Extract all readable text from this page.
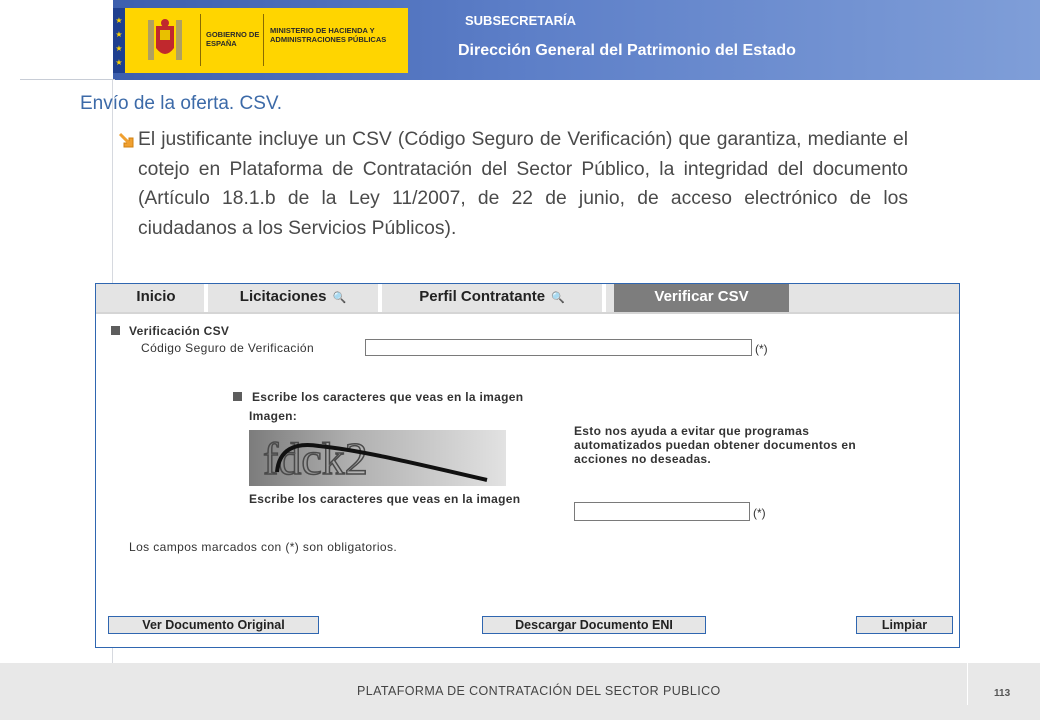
★
★
★
★
GOBIERNO DE ESPAÑA
MINISTERIO DE HACIENDA Y ADMINISTRACIONES PÚBLICAS
SUBSECRETARÍA
Dirección General del Patrimonio del Estado
Envío de la oferta. CSV.
El justificante incluye un CSV (Código Seguro de Verificación) que garantiza, mediante el cotejo en Plataforma de Contratación del Sector Público, la integridad del documento (Artículo 18.1.b de la Ley 11/2007, de 22 de junio, de acceso electrónico de los ciudadanos a los Servicios Públicos).
Inicio	Licitaciones 🔍	Perfil Contratante 🔍	Verificar CSV
Verificación CSV
Código Seguro de Verificación	(*)
Escribe los caracteres que veas en la imagen
Imagen:
fdck2
Escribe los caracteres que veas en la imagen
Esto nos ayuda a evitar que programas automatizados puedan obtener documentos en acciones no deseadas.
(*)
Los campos marcados con (*) son obligatorios.
Ver Documento Original	Descargar Documento ENI	Limpiar
PLATAFORMA DE CONTRATACIÓN DEL SECTOR PUBLICO	113
